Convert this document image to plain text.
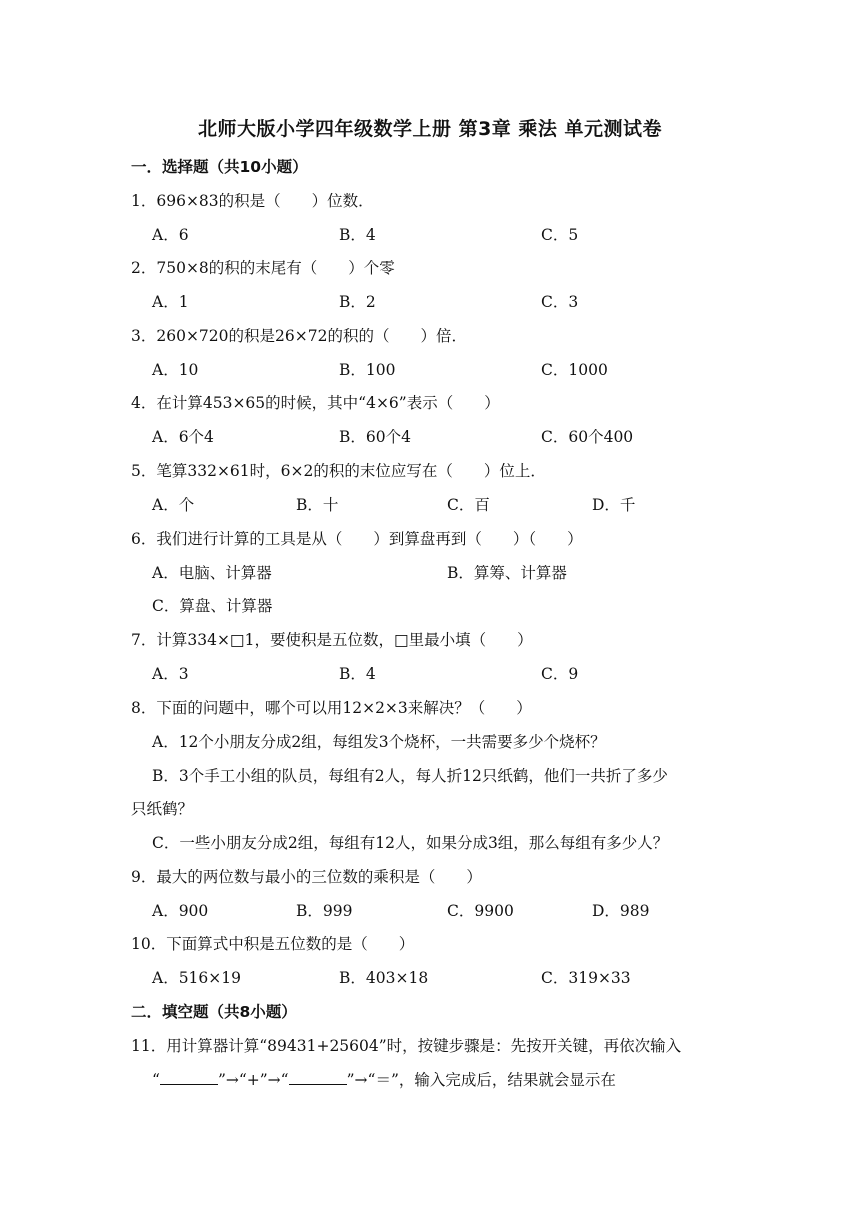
北师大版小学四年级数学上册 第3章 乘法 单元测试卷
一．选择题（共10小题）
1．696×83的积是（　　）位数．
A．6	B．4	C．5
2．750×8的积的末尾有（　　）个零
A．1	B．2	C．3
3．260×720的积是26×72的积的（　　）倍．
A．10	B．100	C．1000
4．在计算453×65的时候，其中“4×6”表示（　　）
A．6个4	B．60个4	C．60个400
5．笔算332×61时，6×2的积的末位应写在（　　）位上．
A．个	B．十	C．百	D．千
6．我们进行计算的工具是从（　　）到算盘再到（　　）（　　）
A．电脑、计算器	B．算筹、计算器
C．算盘、计算器
7．计算334×□1，要使积是五位数，□里最小填（　　）
A．3	B．4	C．9
8．下面的问题中，哪个可以用12×2×3来解决？（　　）
A．12个小朋友分成2组，每组发3个烧杯，一共需要多少个烧杯？
B．3个手工小组的队员，每组有2人，每人折12只纸鹤，他们一共折了多少
只纸鹤？
C．一些小朋友分成2组，每组有12人，如果分成3组，那么每组有多少人？
9．最大的两位数与最小的三位数的乘积是（　　）
A．900	B．999	C．9900	D．989
10．下面算式中积是五位数的是（　　）
A．516×19	B．403×18	C．319×33
二．填空题（共8小题）
11．用计算器计算“89431+25604”时，按键步骤是：先按开关键，再依次输入
“	”→“+”→“	”→“＝”，输入完成后，结果就会显示在
